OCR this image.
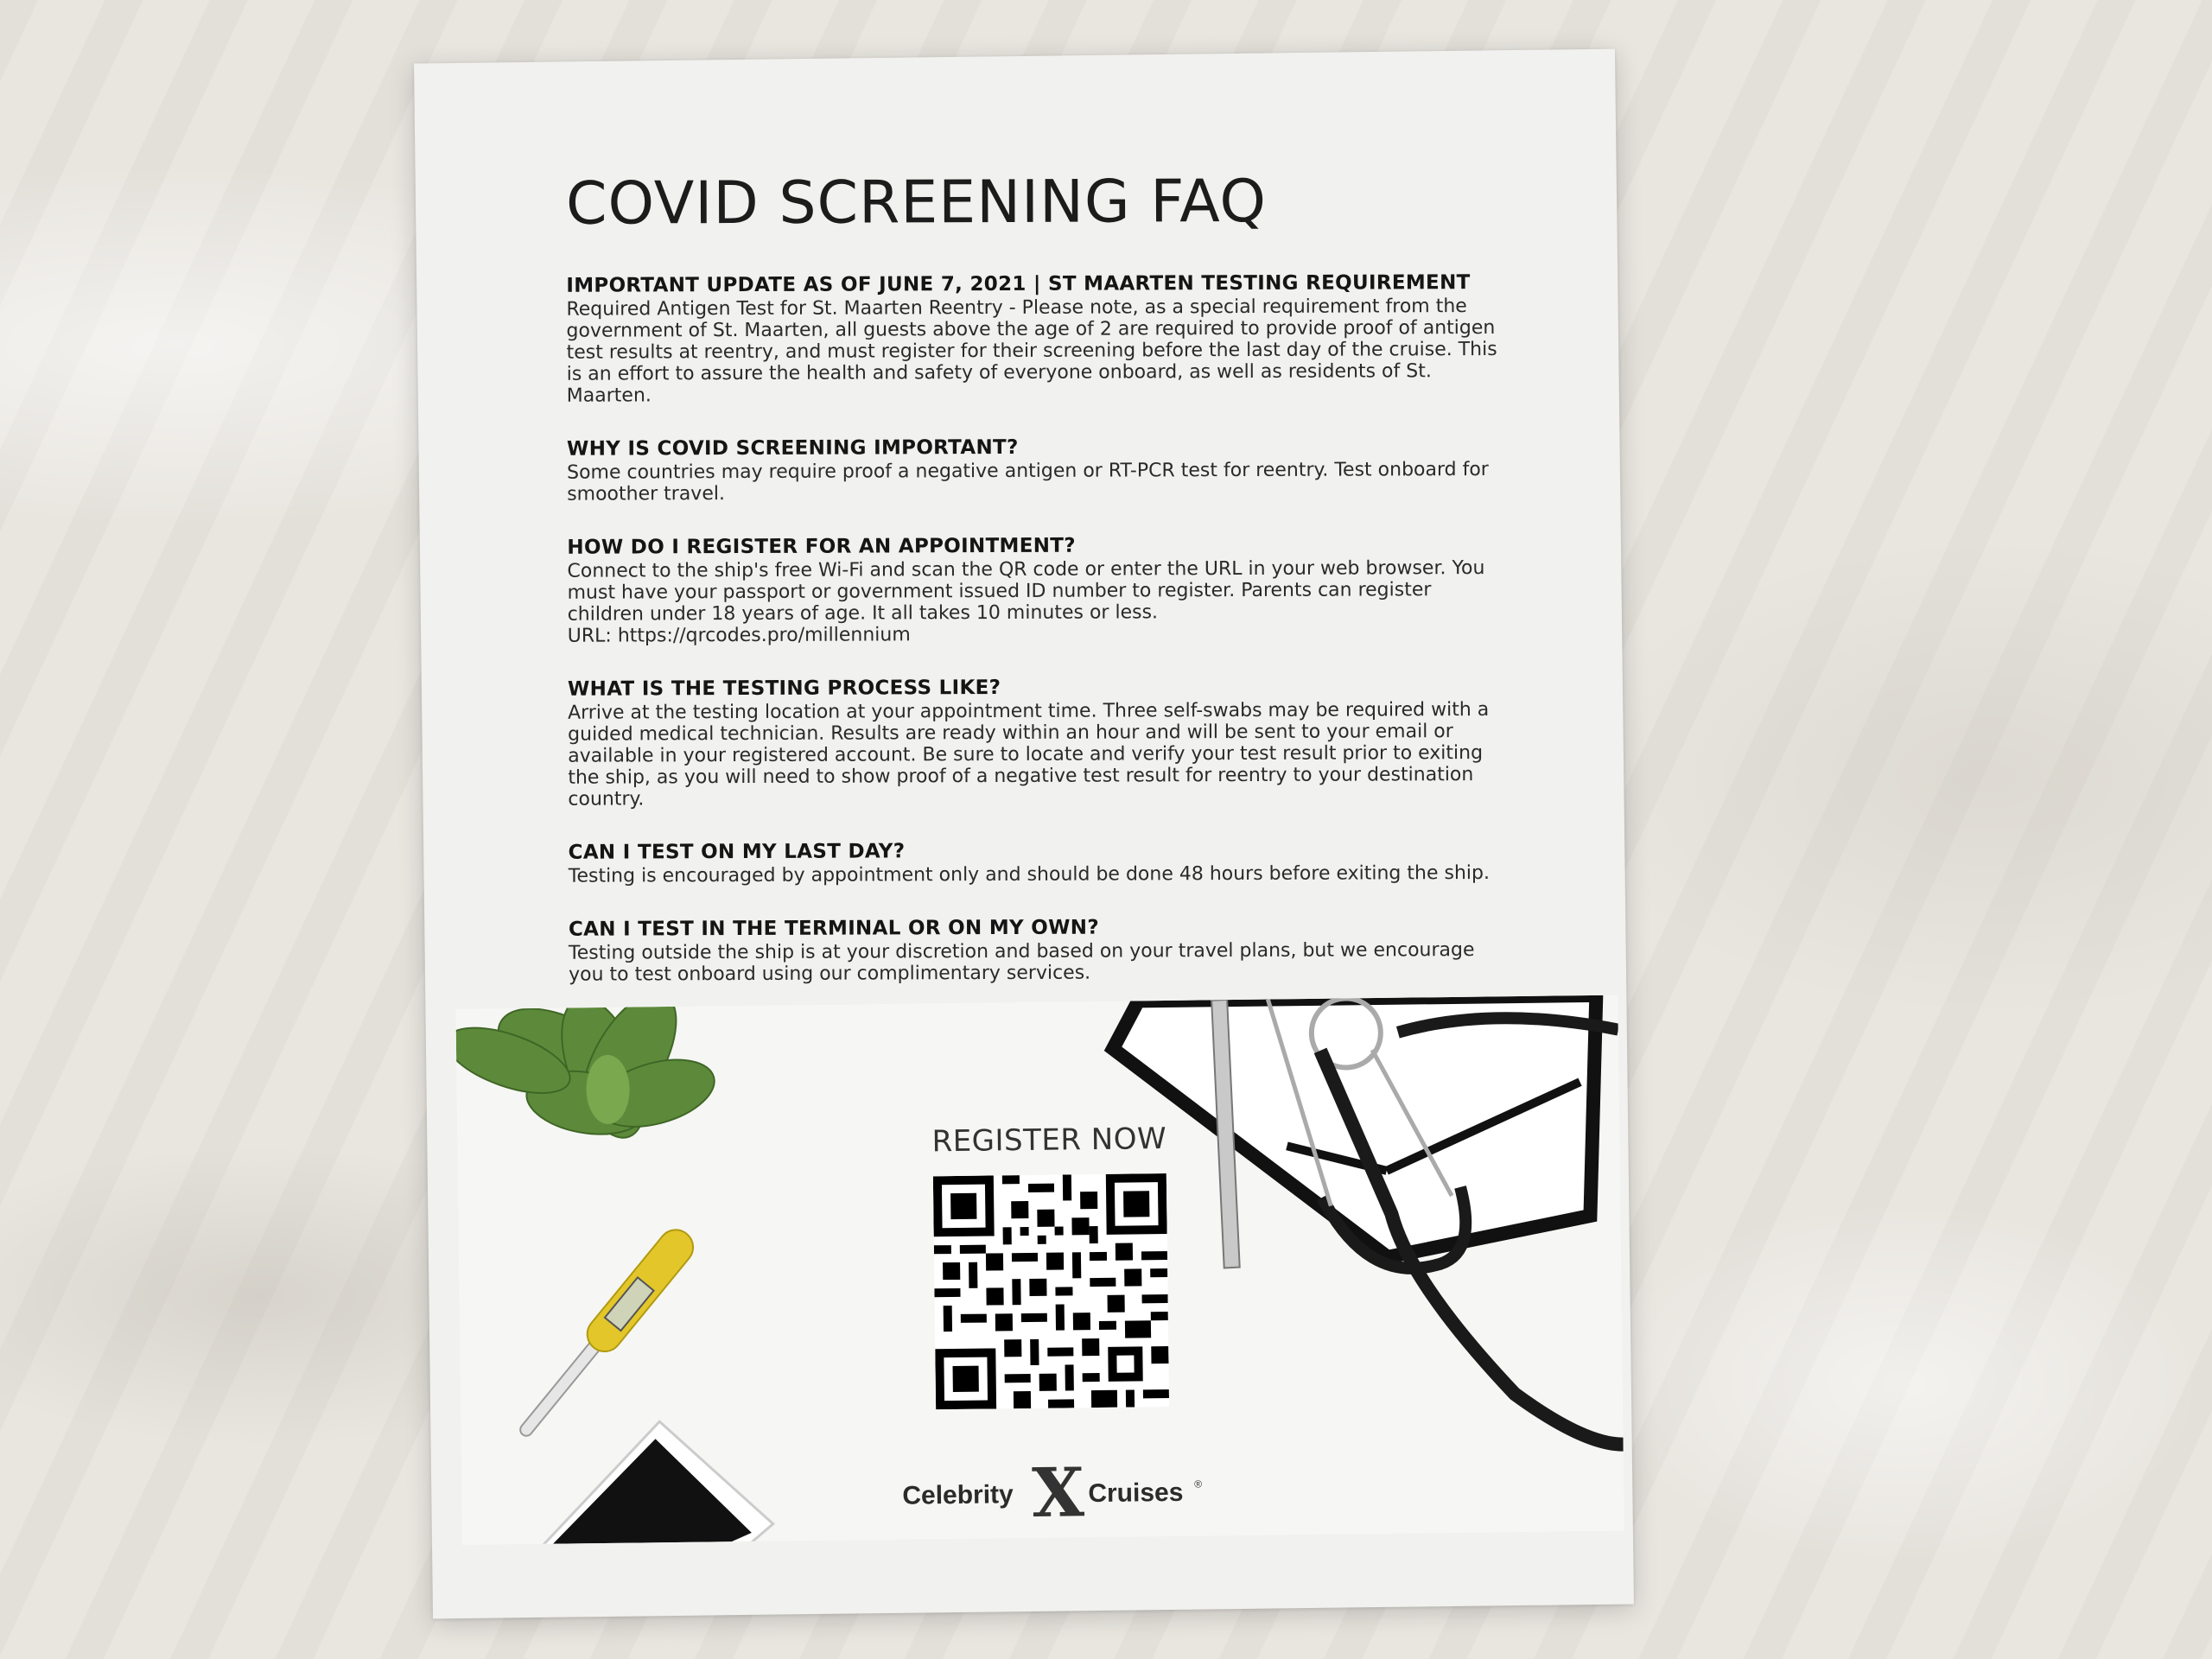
COVID SCREENING FAQ
IMPORTANT UPDATE AS OF JUNE 7, 2021 | ST MAARTEN TESTING REQUIREMENT

Required Antigen Test for St. Maarten Reentry - Please note, as a special requirement from the government of St. Maarten, all guests above the age of 2 are required to provide proof of antigen test results at reentry, and must register for their screening before the last day of the cruise. This is an effort to assure the health and safety of everyone onboard, as well as residents of St. Maarten.

WHY IS COVID SCREENING IMPORTANT?

Some countries may require proof a negative antigen or RT-PCR test for reentry. Test onboard for smoother travel.

HOW DO I REGISTER FOR AN APPOINTMENT?

Connect to the ship's free Wi-Fi and scan the QR code or enter the URL in your web browser. You must have your passport or government issued ID number to register. Parents can register children under 18 years of age. It all takes 10 minutes or less.
URL: https://qrcodes.pro/millennium

WHAT IS THE TESTING PROCESS LIKE?

Arrive at the testing location at your appointment time. Three self-swabs may be required with a guided medical technician. Results are ready within an hour and will be sent to your email or available in your registered account. Be sure to locate and verify your test result prior to exiting the ship, as you will need to show proof of a negative test result for reentry to your destination country.

CAN I TEST ON MY LAST DAY?

Testing is encouraged by appointment only and should be done 48 hours before exiting the ship.

CAN I TEST IN THE TERMINAL OR ON MY OWN?

Testing outside the ship is at your discretion and based on your travel plans, but we encourage you to test onboard using our complimentary services.

REGISTER NOW
Celebrity X Cruises ®
